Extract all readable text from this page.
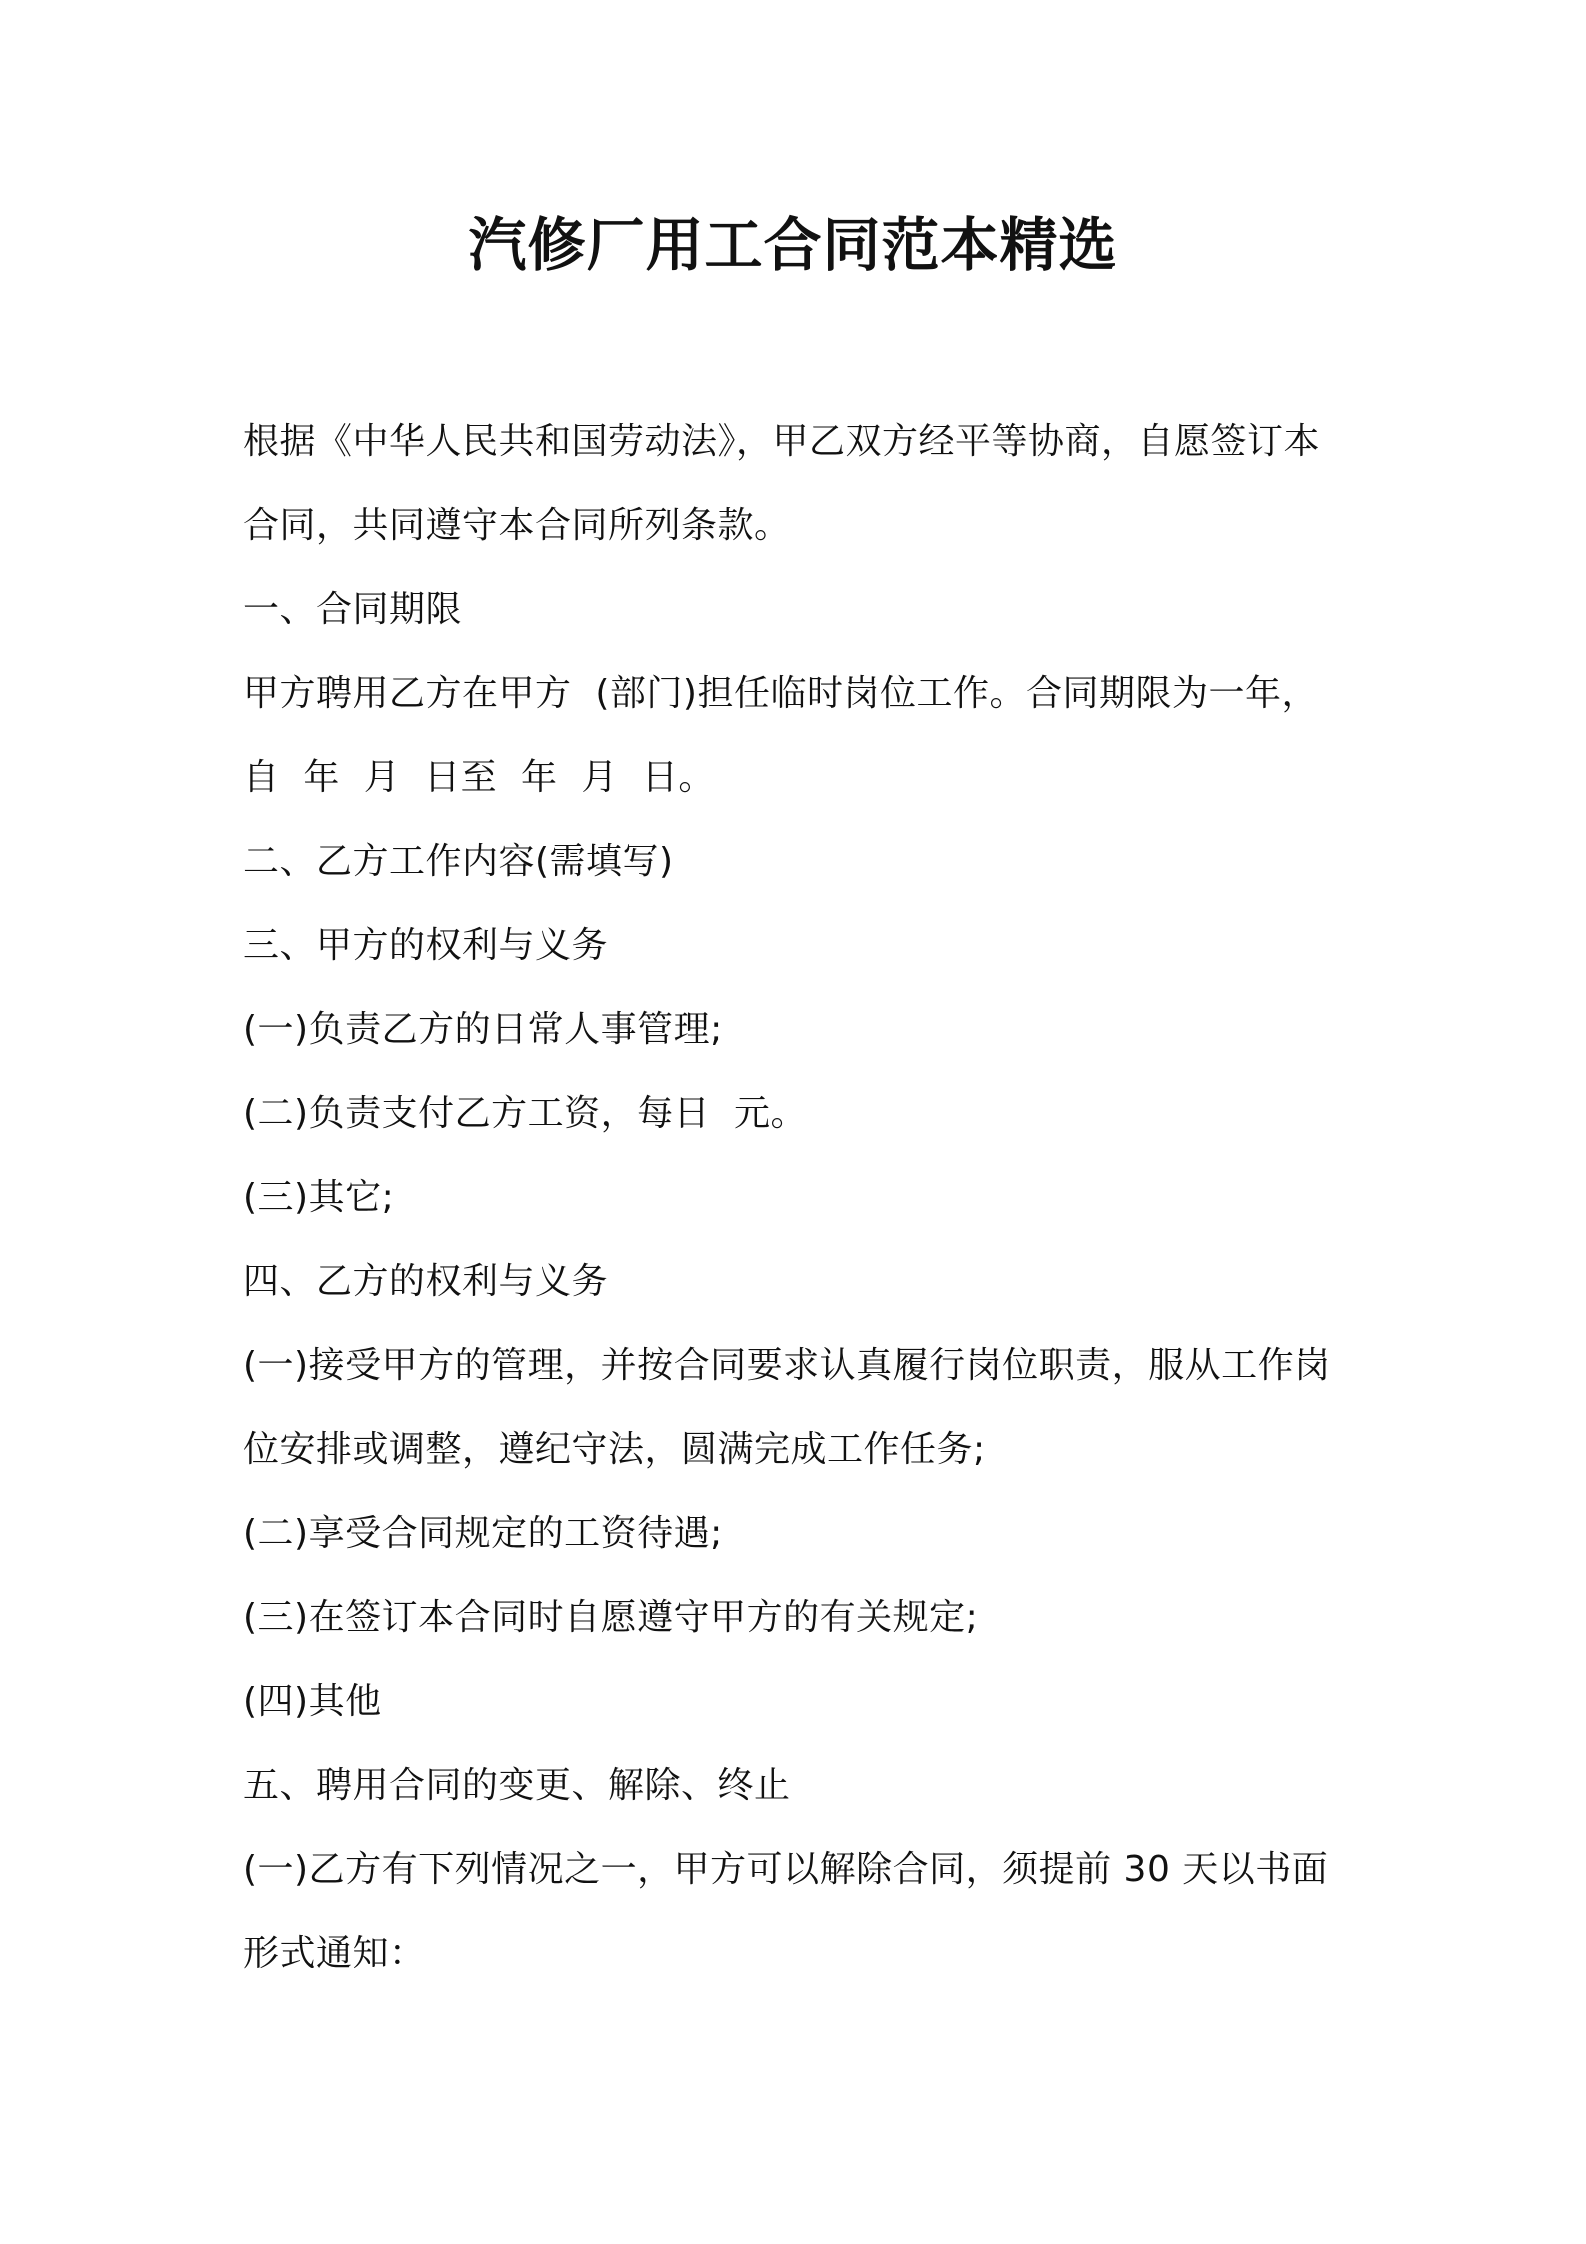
汽修厂用工合同范本精选
根据《中华人民共和国劳动法》，甲乙双方经平等协商，自愿签订本
合同，共同遵守本合同所列条款。
一、合同期限
甲方聘用乙方在甲方  (部门)担任临时岗位工作。合同期限为一年，
自  年  月  日至  年  月  日。
二、乙方工作内容(需填写)
三、甲方的权利与义务
(一)负责乙方的日常人事管理;
(二)负责支付乙方工资，每日  元。
(三)其它;
四、乙方的权利与义务
(一)接受甲方的管理，并按合同要求认真履行岗位职责，服从工作岗
位安排或调整，遵纪守法，圆满完成工作任务;
(二)享受合同规定的工资待遇;
(三)在签订本合同时自愿遵守甲方的有关规定;
(四)其他
五、聘用合同的变更、解除、终止
(一)乙方有下列情况之一，甲方可以解除合同，须提前 30 天以书面
形式通知：
